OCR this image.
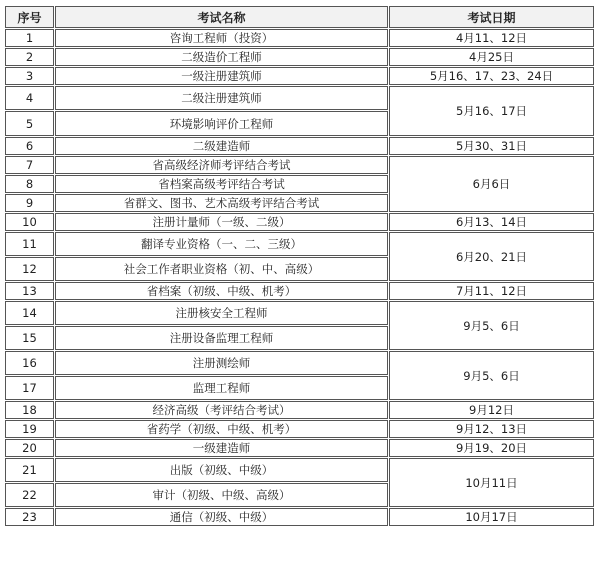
序号	考试名称	考试日期
1	咨询工程师（投资）	4月11、12日
2	二级造价工程师	4月25日
3	一级注册建筑师	5月16、17、23、24日
4	二级注册建筑师	5月16、17日
5	环境影响评价工程师	
6	二级建造师	5月30、31日
7	省高级经济师考评结合考试	6月6日
8	省档案高级考评结合考试	
9	省群文、图书、艺术高级考评结合考试	
10	注册计量师（一级、二级）	6月13、14日
11	翻译专业资格（一、二、三级）	6月20、21日
12	社会工作者职业资格（初、中、高级）	
13	省档案（初级、中级、机考）	7月11、12日
14	注册核安全工程师	9月5、6日
15	注册设备监理工程师	
16	注册测绘师	9月5、6日
17	监理工程师	
18	经济高级（考评结合考试）	9月12日
19	省药学（初级、中级、机考）	9月12、13日
20	一级建造师	9月19、20日
21	出版（初级、中级）	10月11日
22	审计（初级、中级、高级）	
23	通信（初级、中级）	10月17日
